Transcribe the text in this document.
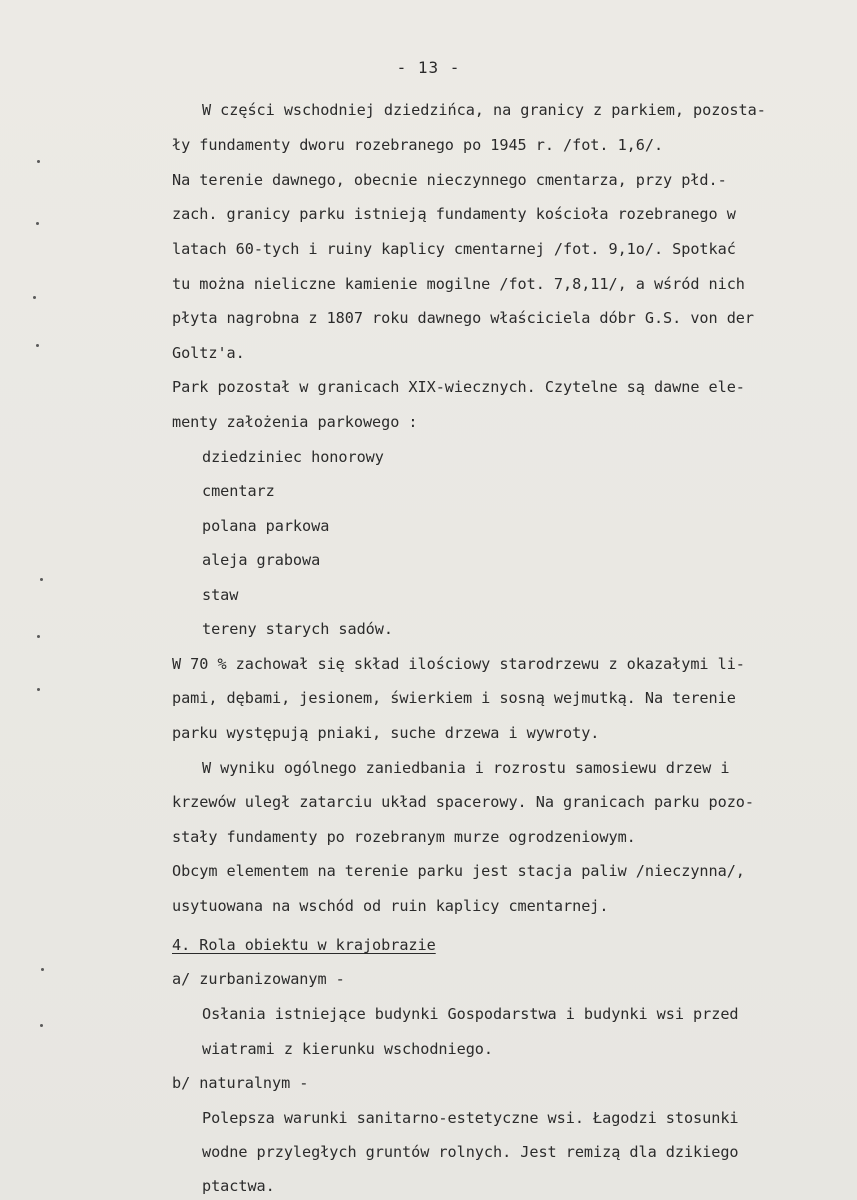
- 13 -
W części wschodniej dziedzińca, na granicy z parkiem, pozosta-
ły fundamenty dworu rozebranego po 1945 r. /fot. 1,6/.
Na terenie dawnego, obecnie nieczynnego cmentarza, przy płd.-
zach. granicy parku istnieją fundamenty kościoła rozebranego w
latach 60-tych i ruiny kaplicy cmentarnej /fot. 9,1o/. Spotkać
tu można nieliczne kamienie mogilne /fot. 7,8,11/, a wśród nich
płyta nagrobna z 1807 roku dawnego właściciela dóbr G.S. von der
Goltz'a.
Park pozostał w granicach XIX-wiecznych. Czytelne są dawne ele-
menty założenia parkowego :
dziedziniec honorowy
cmentarz
polana parkowa
aleja grabowa
staw
tereny starych sadów.
W 70 % zachował się skład ilościowy starodrzewu z okazałymi li-
pami, dębami, jesionem, świerkiem i sosną wejmutką. Na terenie
parku występują pniaki, suche drzewa i wywroty.
W wyniku ogólnego zaniedbania i rozrostu samosiewu drzew i
krzewów uległ zatarciu układ spacerowy. Na granicach parku pozo-
stały fundamenty po rozebranym murze ogrodzeniowym.
Obcym elementem na terenie parku jest stacja paliw /nieczynna/,
usytuowana na wschód od ruin kaplicy cmentarnej.
4. Rola obiektu w krajobrazie
a/ zurbanizowanym -
Osłania istniejące budynki Gospodarstwa i budynki wsi przed
wiatrami z kierunku wschodniego.
b/ naturalnym -
Polepsza warunki sanitarno-estetyczne wsi. Łagodzi stosunki
wodne przyległych gruntów rolnych. Jest remizą dla dzikiego
ptactwa.
